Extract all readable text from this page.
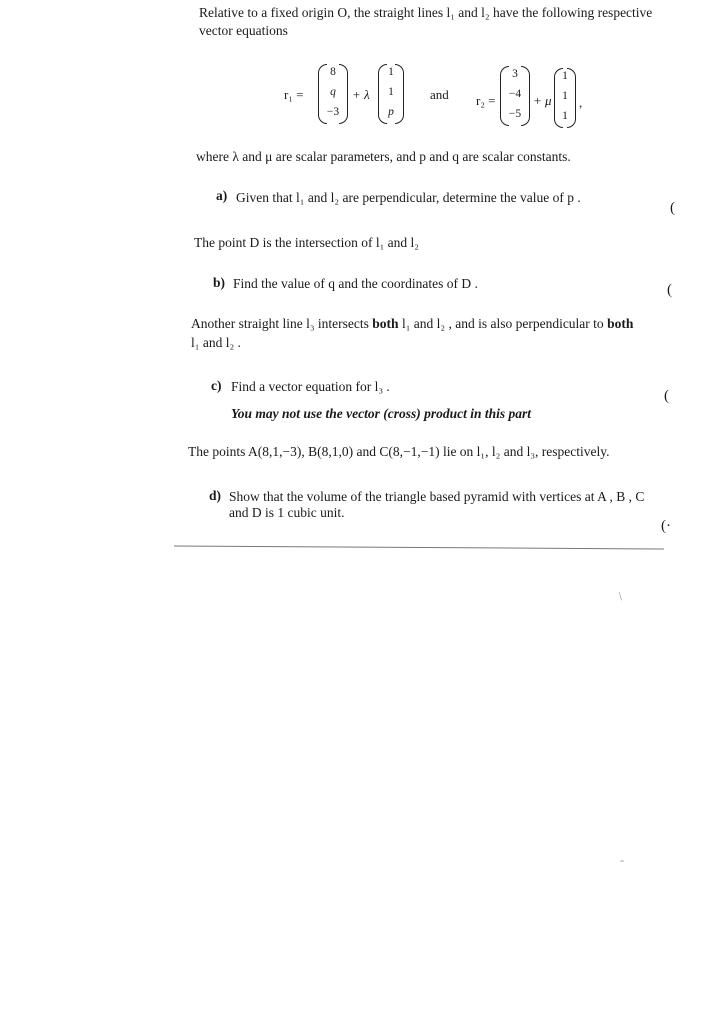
Relative to a fixed origin O, the straight lines l₁ and l₂ have the following respective
vector equations
r₁ =
8
q
−3
+ λ
1
1
p
and r₂ =
3
−4
−5
+ μ
1
1
1
,
where λ and μ are scalar parameters, and p and q are scalar constants.
a) Given that l₁ and l₂ are perpendicular, determine the value of p .
(
The point D is the intersection of l₁ and l₂
b) Find the value of q and the coordinates of D .	(
Another straight line l₃ intersects both l₁ and l₂ , and is also perpendicular to both
l₁ and l₂ .
c) Find a vector equation for l₃ .
You may not use the vector (cross) product in this part
(
The points A(8,1,−3), B(8,1,0) and C(8,−1,−1) lie on l₁, l₂ and l₃, respectively.
d) Show that the volume of the triangle based pyramid with vertices at A , B , C
and D is 1 cubic unit.
(·
/
-
